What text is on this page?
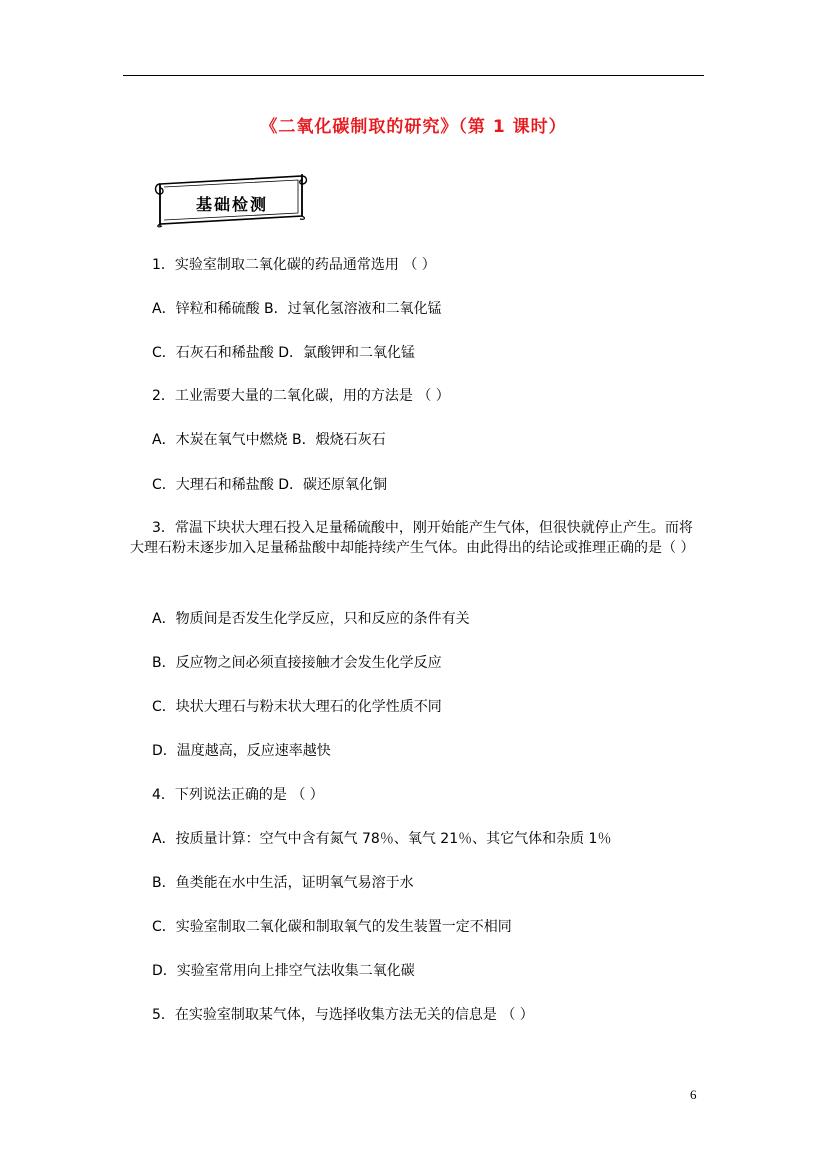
《二氧化碳制取的研究》（第 1 课时）
基础检测
1．实验室制取二氧化碳的药品通常选用 （ ）
A．锌粒和稀硫酸 B．过氧化氢溶液和二氧化锰
C．石灰石和稀盐酸 D．氯酸钾和二氧化锰
2．工业需要大量的二氧化碳，用的方法是 （ ）
A．木炭在氧气中燃烧 B．煅烧石灰石
C．大理石和稀盐酸 D．碳还原氧化铜
3．常温下块状大理石投入足量稀硫酸中，刚开始能产生气体，但很快就停止产生。而将大理石粉末逐步加入足量稀盐酸中却能持续产生气体。由此得出的结论或推理正确的是（ ）
A．物质间是否发生化学反应，只和反应的条件有关
B．反应物之间必须直接接触才会发生化学反应
C．块状大理石与粉末状大理石的化学性质不同
D．温度越高，反应速率越快
4．下列说法正确的是 （ ）
A．按质量计算：空气中含有氮气 78％、氧气 21％、其它气体和杂质 1％
B．鱼类能在水中生活，证明氧气易溶于水
C．实验室制取二氧化碳和制取氧气的发生装置一定不相同
D．实验室常用向上排空气法收集二氧化碳
5．在实验室制取某气体，与选择收集方法无关的信息是 （ ）
6
